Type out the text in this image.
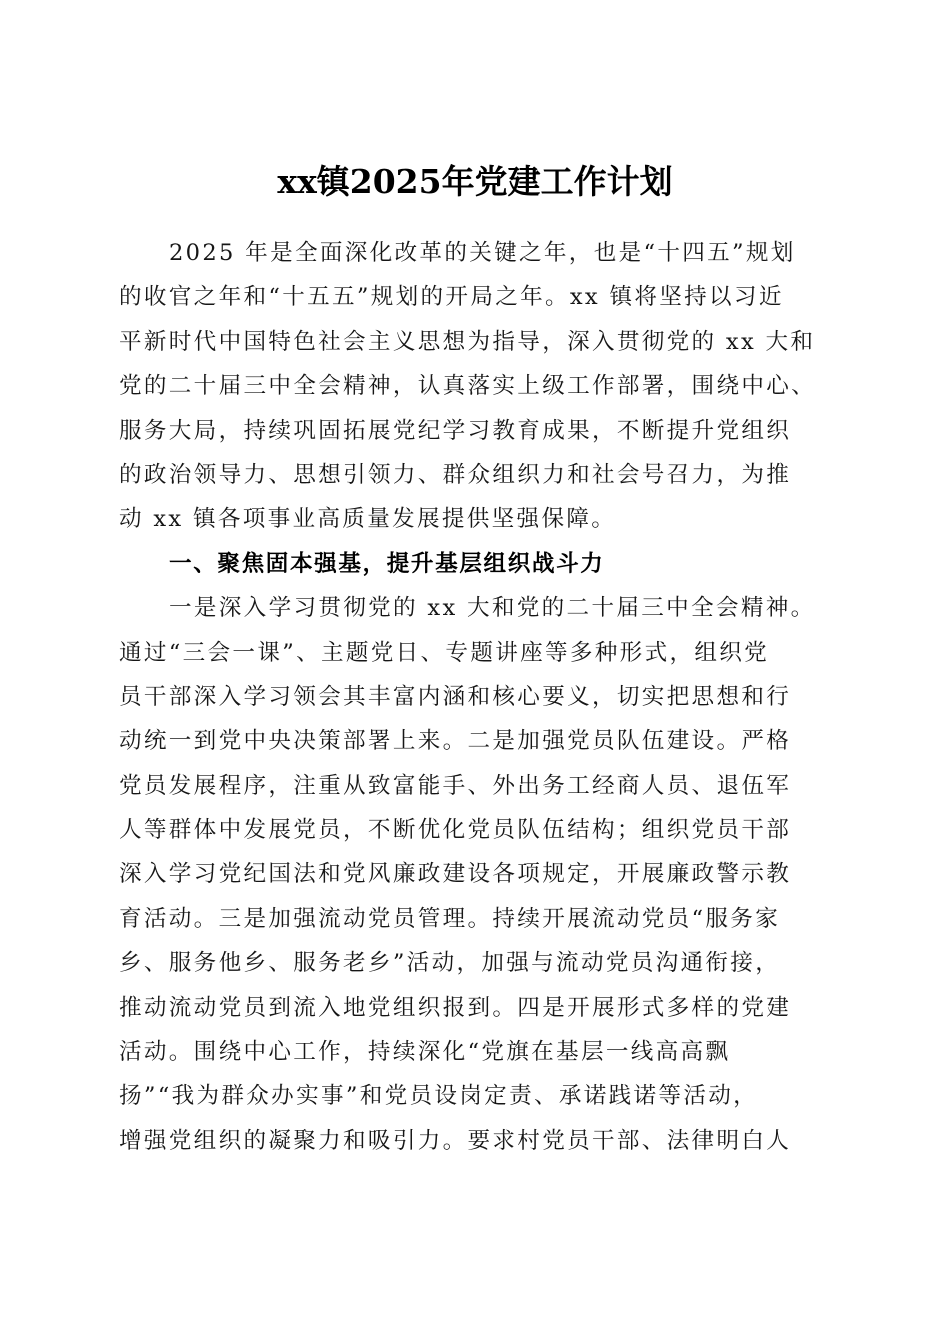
xx镇2025年党建工作计划
2025 年是全面深化改革的关键之年，也是“十四五”规划
的收官之年和“十五五”规划的开局之年。xx 镇将坚持以习近
平新时代中国特色社会主义思想为指导，深入贯彻党的 xx 大和
党的二十届三中全会精神，认真落实上级工作部署，围绕中心、
服务大局，持续巩固拓展党纪学习教育成果，不断提升党组织
的政治领导力、思想引领力、群众组织力和社会号召力，为推
动 xx 镇各项事业高质量发展提供坚强保障。
一、聚焦固本强基，提升基层组织战斗力
一是深入学习贯彻党的 xx 大和党的二十届三中全会精神。
通过“三会一课”、主题党日、专题讲座等多种形式，组织党
员干部深入学习领会其丰富内涵和核心要义，切实把思想和行
动统一到党中央决策部署上来。二是加强党员队伍建设。严格
党员发展程序，注重从致富能手、外出务工经商人员、退伍军
人等群体中发展党员，不断优化党员队伍结构；组织党员干部
深入学习党纪国法和党风廉政建设各项规定，开展廉政警示教
育活动。三是加强流动党员管理。持续开展流动党员“服务家
乡、服务他乡、服务老乡”活动，加强与流动党员沟通衔接，
推动流动党员到流入地党组织报到。四是开展形式多样的党建
活动。围绕中心工作，持续深化“党旗在基层一线高高飘
扬”“我为群众办实事”和党员设岗定责、承诺践诺等活动，
增强党组织的凝聚力和吸引力。要求村党员干部、法律明白人
